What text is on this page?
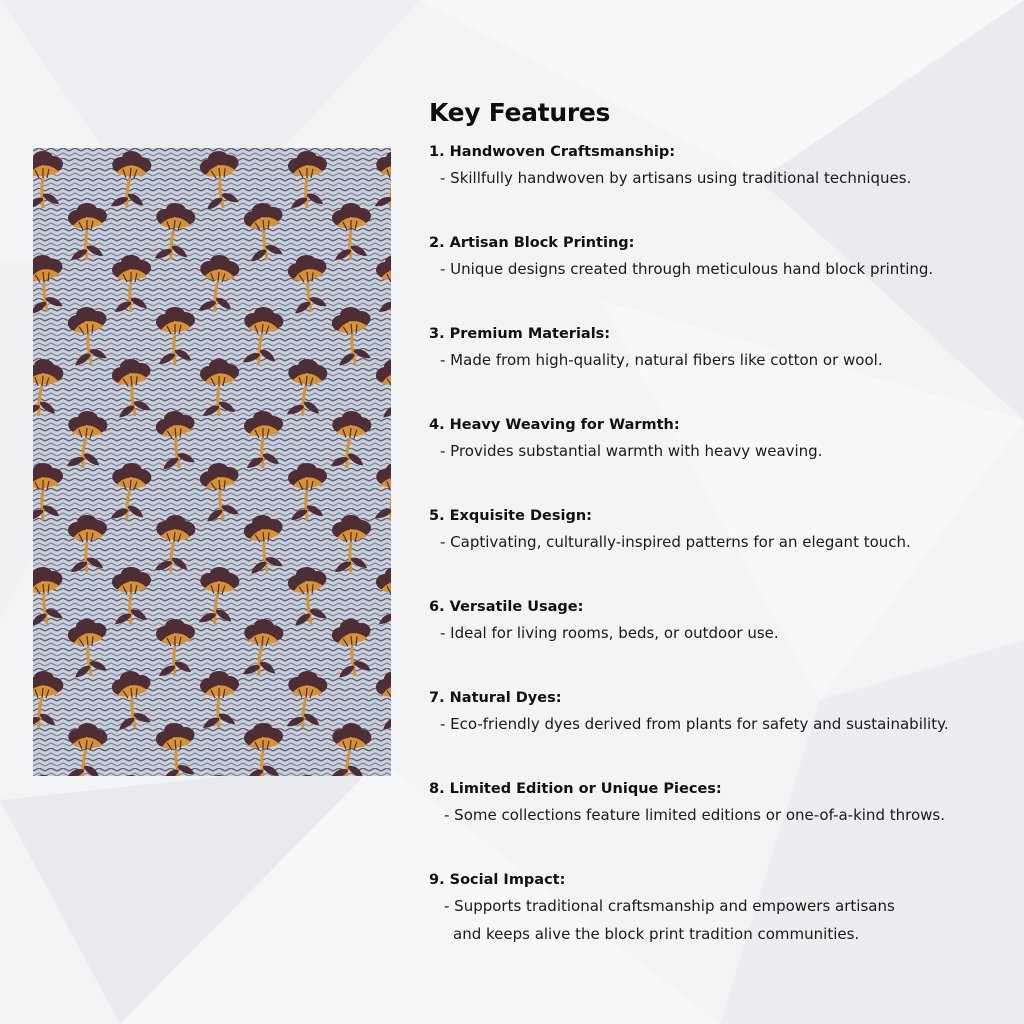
Key Features
1. Handwoven Craftsmanship:
- Skillfully handwoven by artisans using traditional techniques.
2. Artisan Block Printing:
- Unique designs created through meticulous hand block printing.
3. Premium Materials:
- Made from high-quality, natural fibers like cotton or wool.
4. Heavy Weaving for Warmth:
- Provides substantial warmth with heavy weaving.
5. Exquisite Design:
- Captivating, culturally-inspired patterns for an elegant touch.
6. Versatile Usage:
- Ideal for living rooms, beds, or outdoor use.
7. Natural Dyes:
- Eco-friendly dyes derived from plants for safety and sustainability.
8. Limited Edition or Unique Pieces:
- Some collections feature limited editions or one-of-a-kind throws.
9. Social Impact:
- Supports traditional craftsmanship and empowers artisans
and keeps alive the block print tradition communities.
